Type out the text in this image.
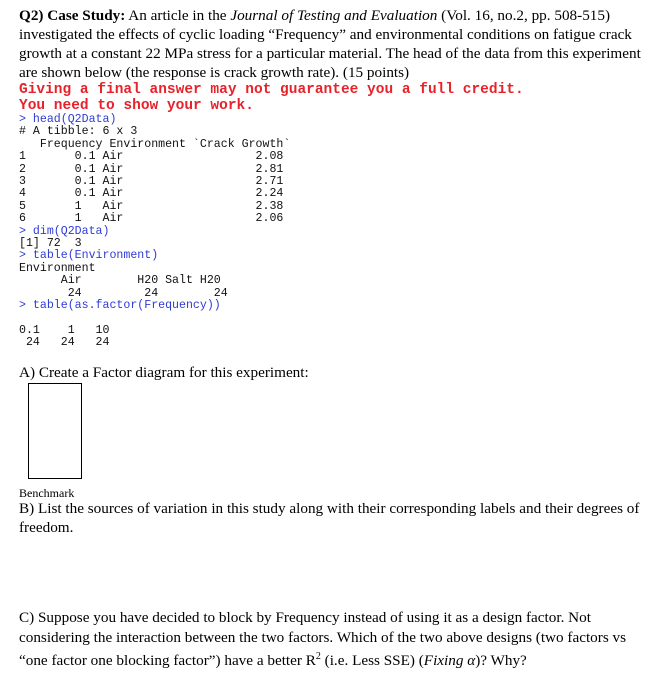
Q2) Case Study: An article in the Journal of Testing and Evaluation (Vol. 16, no.2, pp. 508-515) investigated the effects of cyclic loading “Frequency” and environmental conditions on fatigue crack growth at a constant 22 MPa stress for a particular material. The head of the data from this experiment are shown below (the response is crack growth rate). (15 points)
Giving a final answer may not guarantee you a full credit.
You need to show your work.
> head(Q2Data)
# A tibble: 6 x 3
Frequency Environment `Crack Growth`
1       0.1 Air                   2.08
2       0.1 Air                   2.81
3       0.1 Air                   2.71
4       0.1 Air                   2.24
5       1   Air                   2.38
6       1   Air                   2.06
> dim(Q2Data)
[1] 72  3
> table(Environment)
Environment
Air        H20 Salt H20
24         24        24
> table(as.factor(Frequency))

0.1    1   10
24   24   24
A) Create a Factor diagram for this experiment:
Benchmark
B) List the sources of variation in this study along with their corresponding labels and their degrees of freedom.
C) Suppose you have decided to block by Frequency instead of using it as a design factor. Not considering the interaction between the two factors. Which of the two above designs (two factors vs “one factor one blocking factor”) have a better $R^2$ (i.e. Less SSE) (Fixing α)? Why?
